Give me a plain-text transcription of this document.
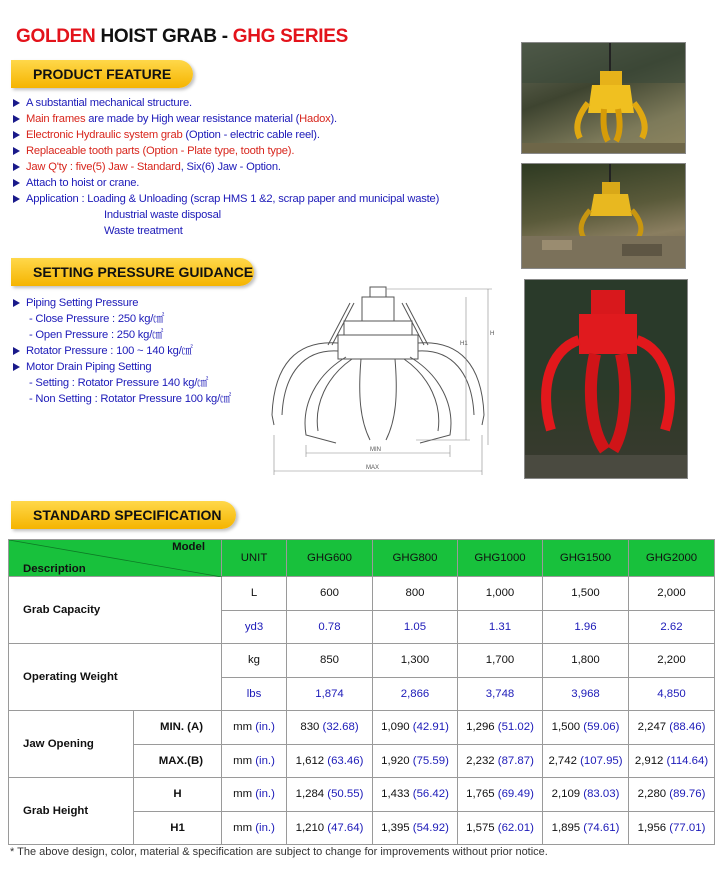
GOLDEN HOIST GRAB - GHG SERIES
PRODUCT FEATURE
A substantial mechanical structure.
Main frames are made by High wear resistance material (Hadox).
Electronic Hydraulic system grab (Option - electric cable reel).
Replaceable tooth parts (Option - Plate type, tooth type).
Jaw Q'ty : five(5) Jaw - Standard, Six(6) Jaw - Option.
Attach to hoist or crane.
Application : Loading & Unloading (scrap HMS 1 &2, scrap paper and municipal waste)
Industrial waste disposal
Waste treatment
SETTING PRESSURE GUIDANCE
Piping Setting Pressure
- Close Pressure : 250 kg/㎠
- Open Pressure : 250 kg/㎠
Rotator Pressure : 100 ~ 140 kg/㎠
Motor Drain Piping Setting
- Setting : Rotator Pressure 140 kg/㎠
- Non Setting : Rotator Pressure 100 kg/㎠
MIN
MAX
H1
H
STANDARD SPECIFICATION
Model
Description		UNIT	GHG600	GHG800	GHG1000	GHG1500	GHG2000
Grab Capacity		L	600	800	1,000	1,500	2,000
		yd3	0.78	1.05	1.31	1.96	2.62
Operating Weight		kg	850	1,300	1,700	1,800	2,200
		lbs	1,874	2,866	3,748	3,968	4,850
Jaw Opening	MIN. (A)	mm (in.)	830 (32.68)	1,090 (42.91)	1,296 (51.02)	1,500 (59.06)	2,247 (88.46)
	MAX.(B)	mm (in.)	1,612 (63.46)	1,920 (75.59)	2,232 (87.87)	2,742 (107.95)	2,912 (114.64)
Grab Height	H	mm (in.)	1,284 (50.55)	1,433 (56.42)	1,765 (69.49)	2,109 (83.03)	2,280 (89.76)
	H1	mm (in.)	1,210 (47.64)	1,395 (54.92)	1,575 (62.01)	1,895 (74.61)	1,956 (77.01)
* The above design, color, material & specification are subject to change for improvements without prior notice.
